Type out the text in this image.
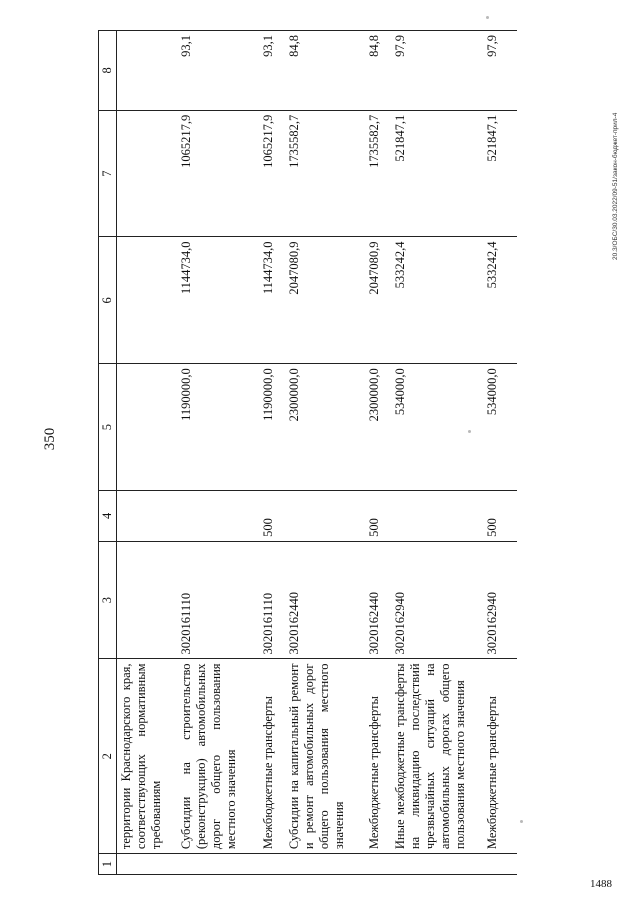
20.3/ОБС/30.03.2022/09-51/закон-бюджет-прил-4
350
1	2	3	4	5	6	7	8
	территории Краснодарского края, соответствующих нормативным требованиям						
	Субсидии на строительство (реконструкцию) автомобильных дорог общего пользования местного значения	3020161110		1190000,0	1144734,0	1065217,9	93,1
	Межбюджетные трансферты	3020161110	500	1190000,0	1144734,0	1065217,9	93,1
	Субсидии на капитальный ремонт и ремонт автомобильных дорог общего пользования местного значения	3020162440		2300000,0	2047080,9	1735582,7	84,8
	Межбюджетные трансферты	3020162440	500	2300000,0	2047080,9	1735582,7	84,8
	Иные межбюджетные трансферты на ликвидацию последствий чрезвычайных ситуаций на автомобильных дорогах общего пользования местного значения	3020162940		534000,0	533242,4	521847,1	97,9
	Межбюджетные трансферты	3020162940	500	534000,0	533242,4	521847,1	97,9
1488
